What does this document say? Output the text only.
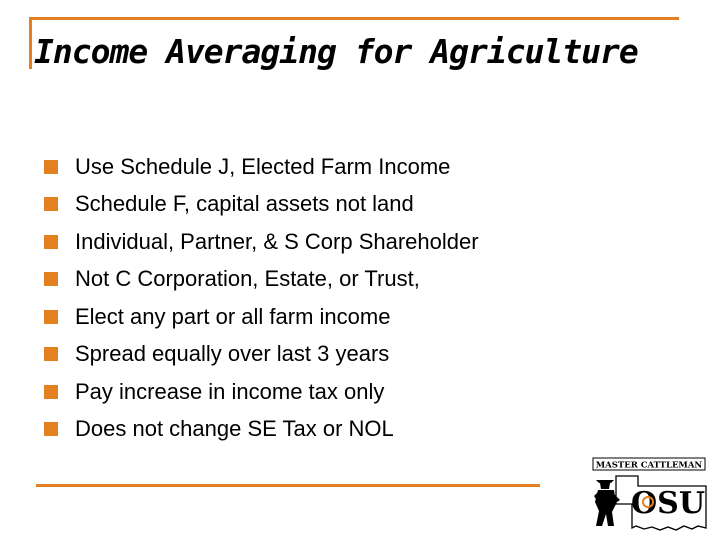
Income Averaging for Agriculture
Use Schedule J, Elected Farm Income
Schedule F, capital assets not land
Individual, Partner, & S Corp Shareholder
Not C Corporation, Estate, or Trust,
Elect any part or all farm income
Spread equally over last 3 years
Pay increase in income tax only
Does not change SE Tax or NOL
MASTER CATTLEMAN
OSU
